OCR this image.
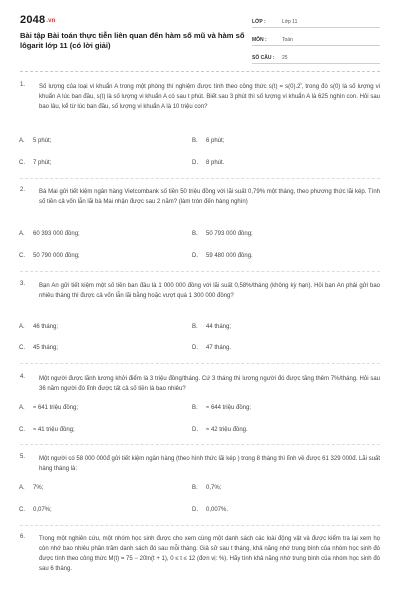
2048.vn
Bài tập Bài toán thực tiễn liên quan đến hàm số mũ và hàm số lôgarit lớp 11 (có lời giải)
LỚP :	Lớp 11
MÔN :	Toán
SỐ CÂU :	25
1. Số lượng của loại vi khuẩn A trong một phòng thí nghiệm được tính theo công thức $s(t) = s(0).2^t$, trong đó s(0) là số lượng vi khuẩn A lúc ban đầu, s(t) là số lượng vi khuẩn A có sau t phút. Biết sau 3 phút thì số lượng vi khuẩn A là 625 nghìn con. Hỏi sau bao lâu, kể từ lúc ban đầu, số lượng vi khuẩn A là 10 triệu con?
A. 5 phút;	B. 6 phút;
C. 7 phút;	D. 8 phút.
2. Bà Mai gửi tiết kiệm ngân hàng Vietcombank số tiền 50 triệu đồng với lãi suất 0,79% một tháng, theo phương thức lãi kép. Tính số tiền cả vốn lẫn lãi bà Mai nhận được sau 2 năm? (làm tròn đến hàng nghìn)
A. 60 393 000 đồng;	B. 50 793 000 đồng;
C. 50 790 000 đồng;	D. 59 480 000 đồng.
3. Bạn An gửi tiết kiệm một số tiền ban đầu là 1 000 000 đồng với lãi suất 0,58%/tháng (không kỳ hạn). Hỏi bạn An phải gửi bao nhiêu tháng thì được cả vốn lẫn lãi bằng hoặc vượt quá 1 300 000 đồng?
A. 46 tháng;	B. 44 tháng;
C. 45 tháng;	D. 47 tháng.
4. Một người được lãnh lương khởi điểm là 3 triệu đồng/tháng. Cứ 3 tháng thì lương người đó được tăng thêm 7%/tháng. Hỏi sau 36 năm người đó lĩnh được tất cả số tiền là bao nhiêu?
A. ≈ 641 triệu đồng;	B. ≈ 644 triệu đồng;
C. ≈ 41 triệu đồng;	D. ≈ 42 triệu đồng.
5. Một người có 58 000 000đ gửi tiết kiệm ngân hàng (theo hình thức lãi kép ) trong 8 tháng thì lĩnh về được 61 329 000đ. Lãi suất hàng tháng là:
A. 7%;	B. 0,7%;
C. 0,07%;	D. 0,007%.
6. Trong một nghiên cứu, một nhóm học sinh được cho xem cùng một danh sách các loài động vật và được kiểm tra lại xem họ còn nhớ bao nhiêu phần trăm danh sách đó sau mỗi tháng. Giả sử sau t tháng, khả năng nhớ trung bình của nhóm học sinh đó được tính theo công thức M(t) = 75 − 20ln(t + 1), 0 ≤ t ≤ 12 (đơn vị: %). Hãy tính khả năng nhớ trung bình của nhóm học sinh đó sau 6 tháng.
